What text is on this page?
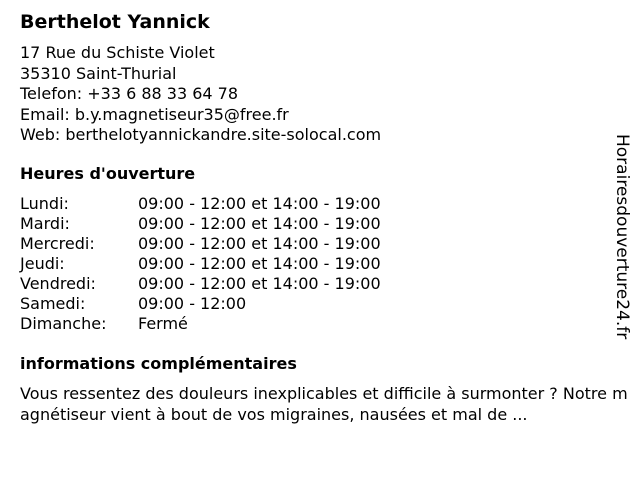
Berthelot Yannick
17 Rue du Schiste Violet
35310 Saint-Thurial
Telefon: +33 6 88 33 64 78
Email: b.y.magnetiseur35@free.fr
Web: berthelotyannickandre.site-solocal.com
Heures d'ouverture
Lundi:	09:00 - 12:00 et 14:00 - 19:00
Mardi:	09:00 - 12:00 et 14:00 - 19:00
Mercredi:	09:00 - 12:00 et 14:00 - 19:00
Jeudi:	09:00 - 12:00 et 14:00 - 19:00
Vendredi:	09:00 - 12:00 et 14:00 - 19:00
Samedi:	09:00 - 12:00
Dimanche:	Fermé
informations complémentaires
Vous ressentez des douleurs inexplicables et difficile à surmonter ? Notre magnétiseur vient à bout de vos migraines, nausées et mal de ...
Horairesdouverture24.fr
